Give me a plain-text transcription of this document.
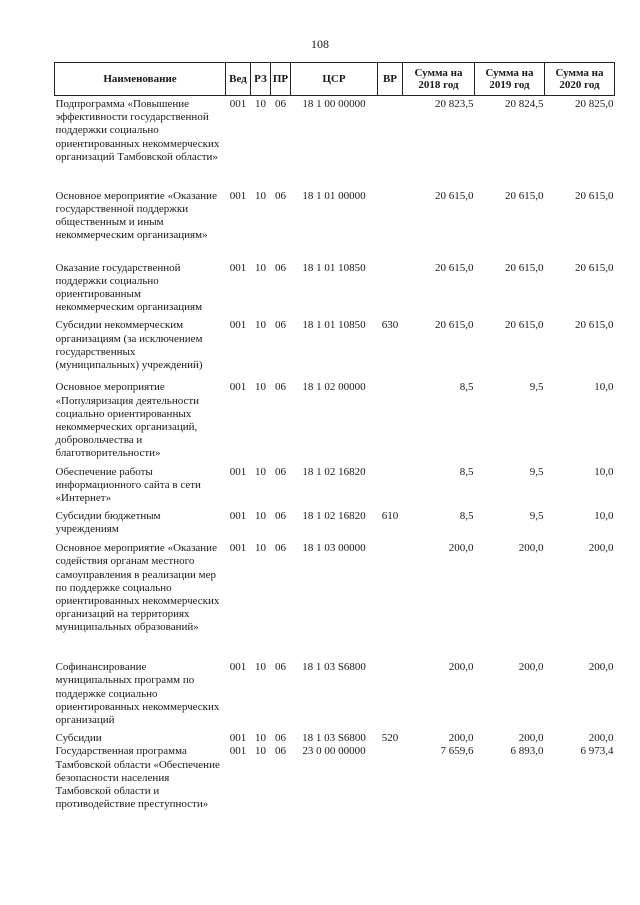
108
Наименование	Вед	РЗ	ПР	ЦСР	ВР	Сумма на 2018 год	Сумма на 2019 год	Сумма на 2020 год
Подпрограмма «Повышение эффективности государственной поддержки социально ориентированных некоммерческих организаций Тамбовской области»	001	10	06	18 1 00 00000		20 823,5	20 824,5	20 825,0
Основное мероприятие «Оказание государственной поддержки общественным и иным некоммерческим организациям»	001	10	06	18 1 01 00000		20 615,0	20 615,0	20 615,0
Оказание государственной поддержки социально ориентированным некоммерческим организациям	001	10	06	18 1 01 10850		20 615,0	20 615,0	20 615,0
Субсидии некоммерческим организациям (за исключением государственных (муниципальных) учреждений)	001	10	06	18 1 01 10850	630	20 615,0	20 615,0	20 615,0
Основное мероприятие «Популяризация деятельности социально ориентированных некоммерческих организаций, добровольчества и благотворительности»	001	10	06	18 1 02 00000		8,5	9,5	10,0
Обеспечение работы информационного сайта в сети «Интернет»	001	10	06	18 1 02 16820		8,5	9,5	10,0
Субсидии бюджетным учреждениям	001	10	06	18 1 02 16820	610	8,5	9,5	10,0
Основное мероприятие «Оказание содействия органам местного самоуправления в реализации мер по поддержке социально ориентированных некоммерческих организаций на территориях муниципальных образований»	001	10	06	18 1 03 00000		200,0	200,0	200,0
Софинансирование муниципальных программ по поддержке социально ориентированных некоммерческих организаций	001	10	06	18 1 03 S6800		200,0	200,0	200,0
Субсидии	001	10	06	18 1 03 S6800	520	200,0	200,0	200,0
Государственная программа Тамбовской области «Обеспечение безопасности населения Тамбовской области и противодействие преступности»	001	10	06	23 0 00 00000		7 659,6	6 893,0	6 973,4
